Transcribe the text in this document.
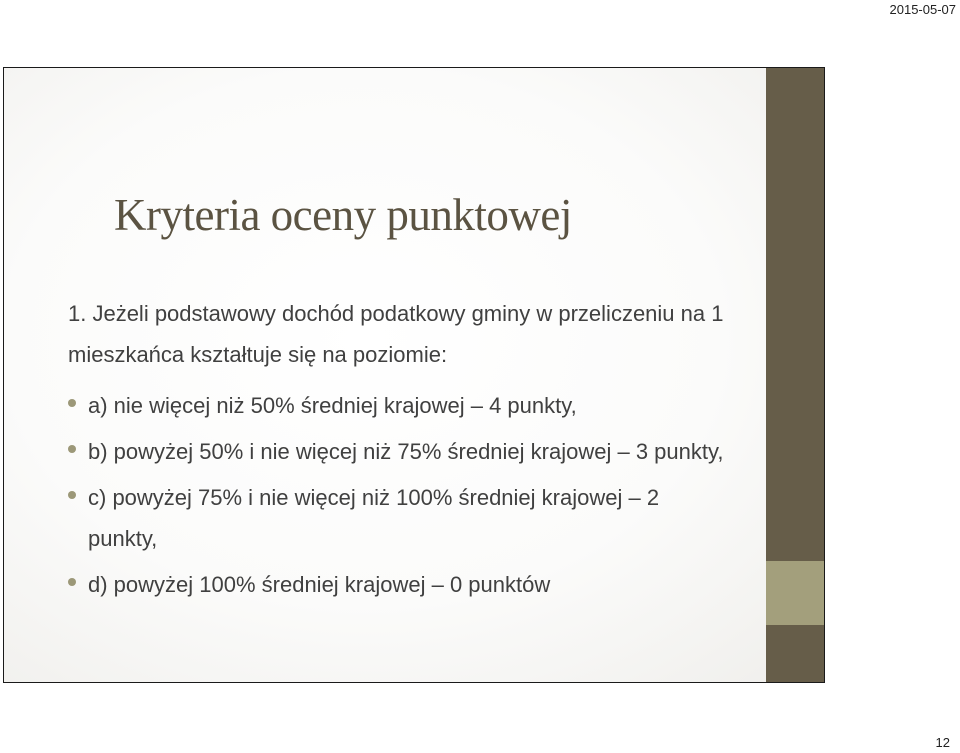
2015-05-07
Kryteria oceny punktowej

1. Jeżeli podstawowy dochód podatkowy gminy w przeliczeniu na 1 mieszkańca kształtuje się na poziomie:

a) nie więcej niż 50% średniej krajowej – 4 punkty,
b) powyżej 50% i nie więcej niż 75% średniej krajowej – 3 punkty,
c) powyżej 75% i nie więcej niż 100% średniej krajowej – 2 punkty,
d) powyżej 100% średniej krajowej – 0 punktów
12
